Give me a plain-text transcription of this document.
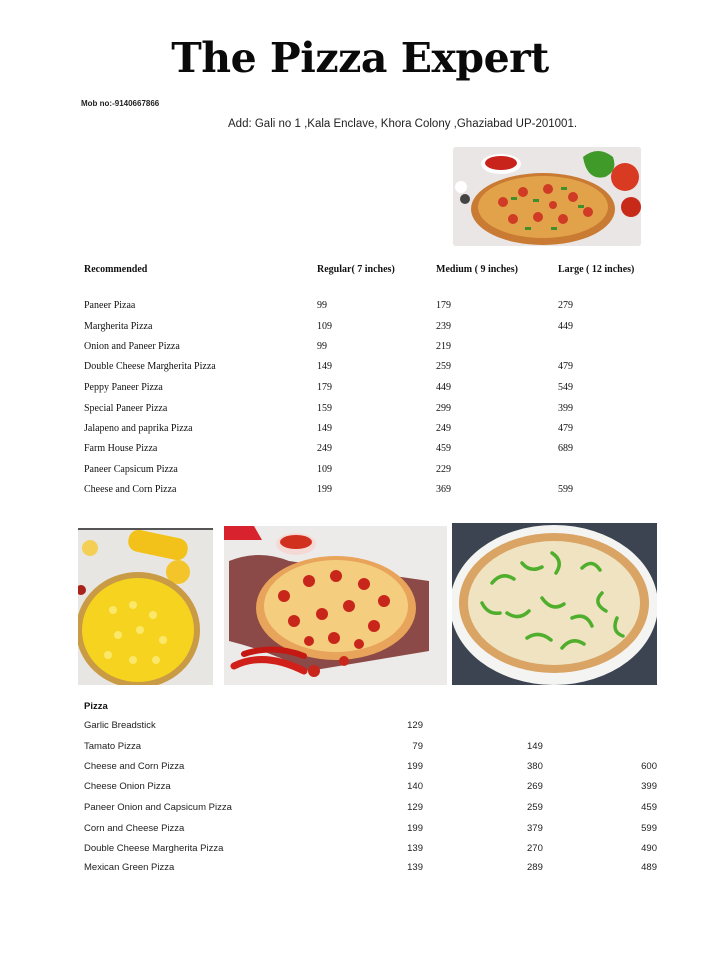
The Pizza Expert
Mob no:-9140667866
Add: Gali no 1 ,Kala Enclave, Khora Colony ,Ghaziabad UP-201001.
Recommended	Regular( 7 inches)	Medium ( 9 inches)	Large ( 12 inches)
Paneer Pizaa	99	179	279
Margherita Pizza	109	239	449
Onion and Paneer Pizza	99	219
Double Cheese Margherita Pizza	149	259	479
Peppy Paneer Pizza	179	449	549
Special Paneer Pizza	159	299	399
Jalapeno and paprika Pizza	149	249	479
Farm House Pizza	249	459	689
Paneer Capsicum Pizza	109	229
Cheese and Corn Pizza	199	369	599
Pizza
Garlic Breadstick	129
Tamato Pizza	79	149
Cheese and Corn Pizza	199	380	600
Cheese Onion Pizza	140	269	399
Paneer Onion and Capsicum Pizza	129	259	459
Corn and Cheese Pizza	199	379	599
Double Cheese Margherita Pizza	139	270	490
Mexican Green Pizza	139	289	489
